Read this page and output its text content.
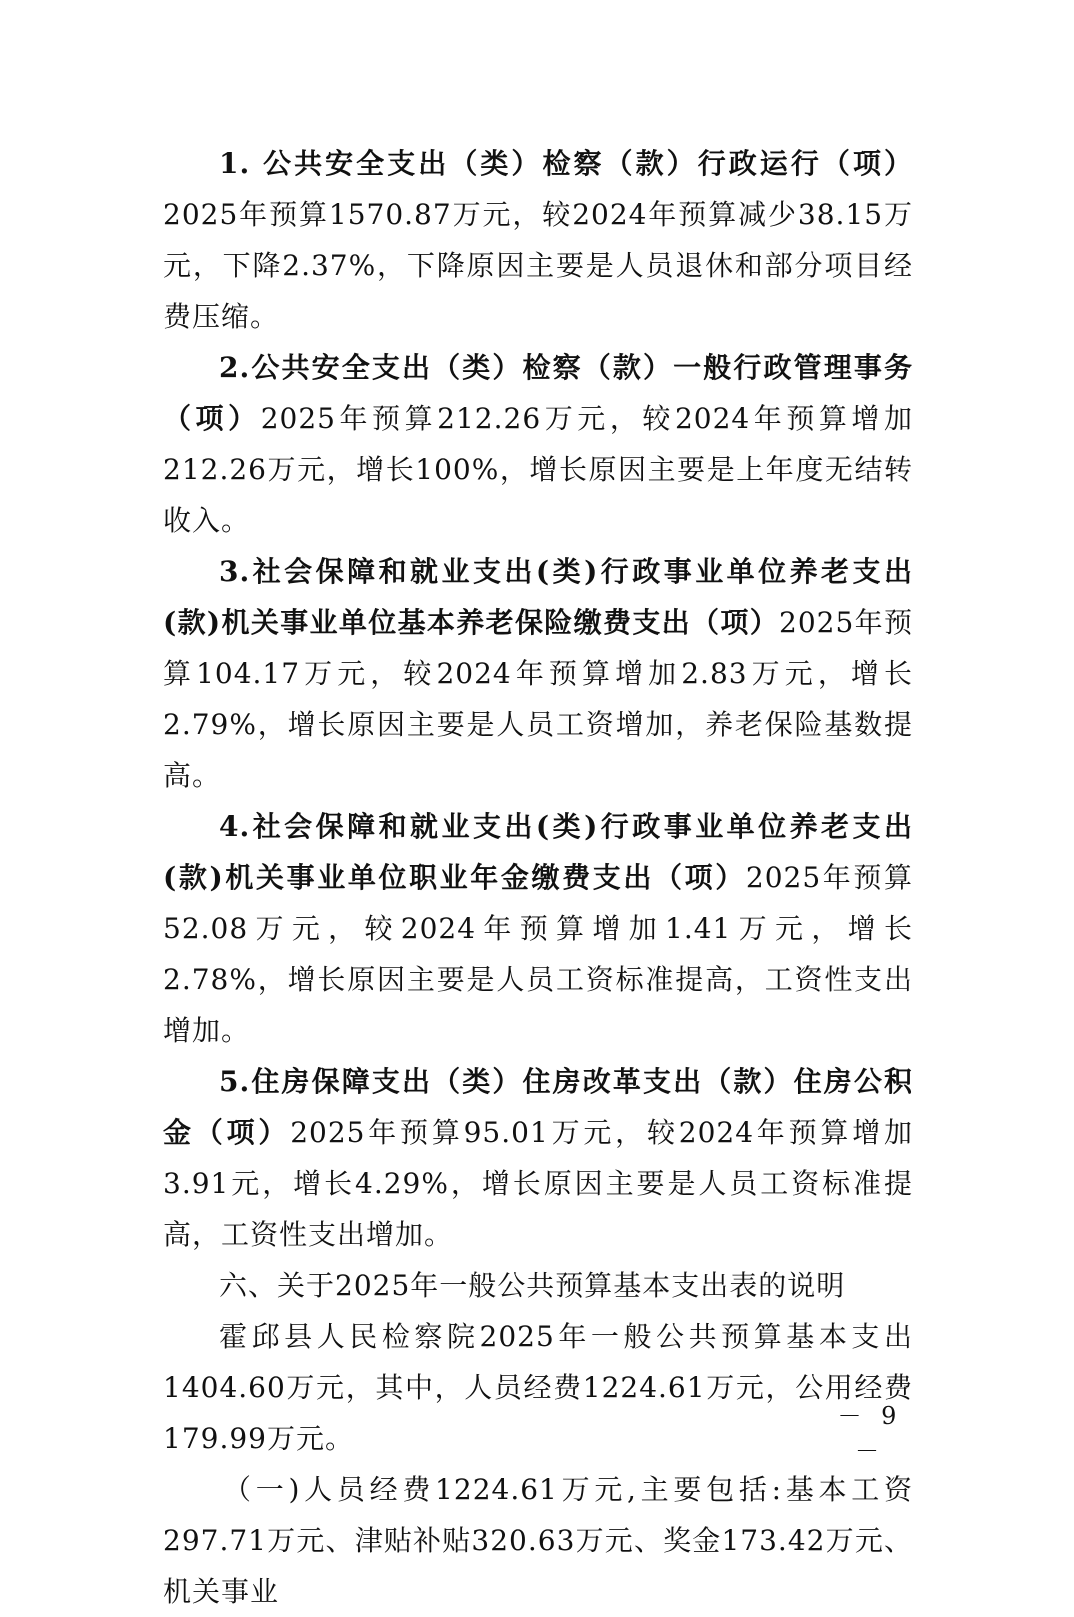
1. 公共安全支出（类）检察（款）行政运行（项）2025年预算1570.87万元，较2024年预算减少38.15万元，下降2.37%，下降原因主要是人员退休和部分项目经费压缩。

2.公共安全支出（类）检察（款）一般行政管理事务（项）2025年预算212.26万元，较2024年预算增加212.26万元，增长100%，增长原因主要是上年度无结转收入。

3.社会保障和就业支出(类)行政事业单位养老支出(款)机关事业单位基本养老保险缴费支出（项）2025年预算104.17万元，较2024年预算增加2.83万元，增长2.79%，增长原因主要是人员工资增加，养老保险基数提高。

4.社会保障和就业支出(类)行政事业单位养老支出(款)机关事业单位职业年金缴费支出（项）2025年预算52.08万元，较2024年预算增加1.41万元，增长2.78%，增长原因主要是人员工资标准提高，工资性支出增加。

5.住房保障支出（类）住房改革支出（款）住房公积金（项）2025年预算95.01万元，较2024年预算增加3.91元，增长4.29%，增长原因主要是人员工资标准提高，工资性支出增加。

六、关于2025年一般公共预算基本支出表的说明

霍邱县人民检察院2025年一般公共预算基本支出1404.60万元，其中，人员经费1224.61万元，公用经费179.99万元。

（一)人员经费1224.61万元,主要包括:基本工资297.71万元、津贴补贴320.63万元、奖金173.42万元、机关事业

－ 9 －
